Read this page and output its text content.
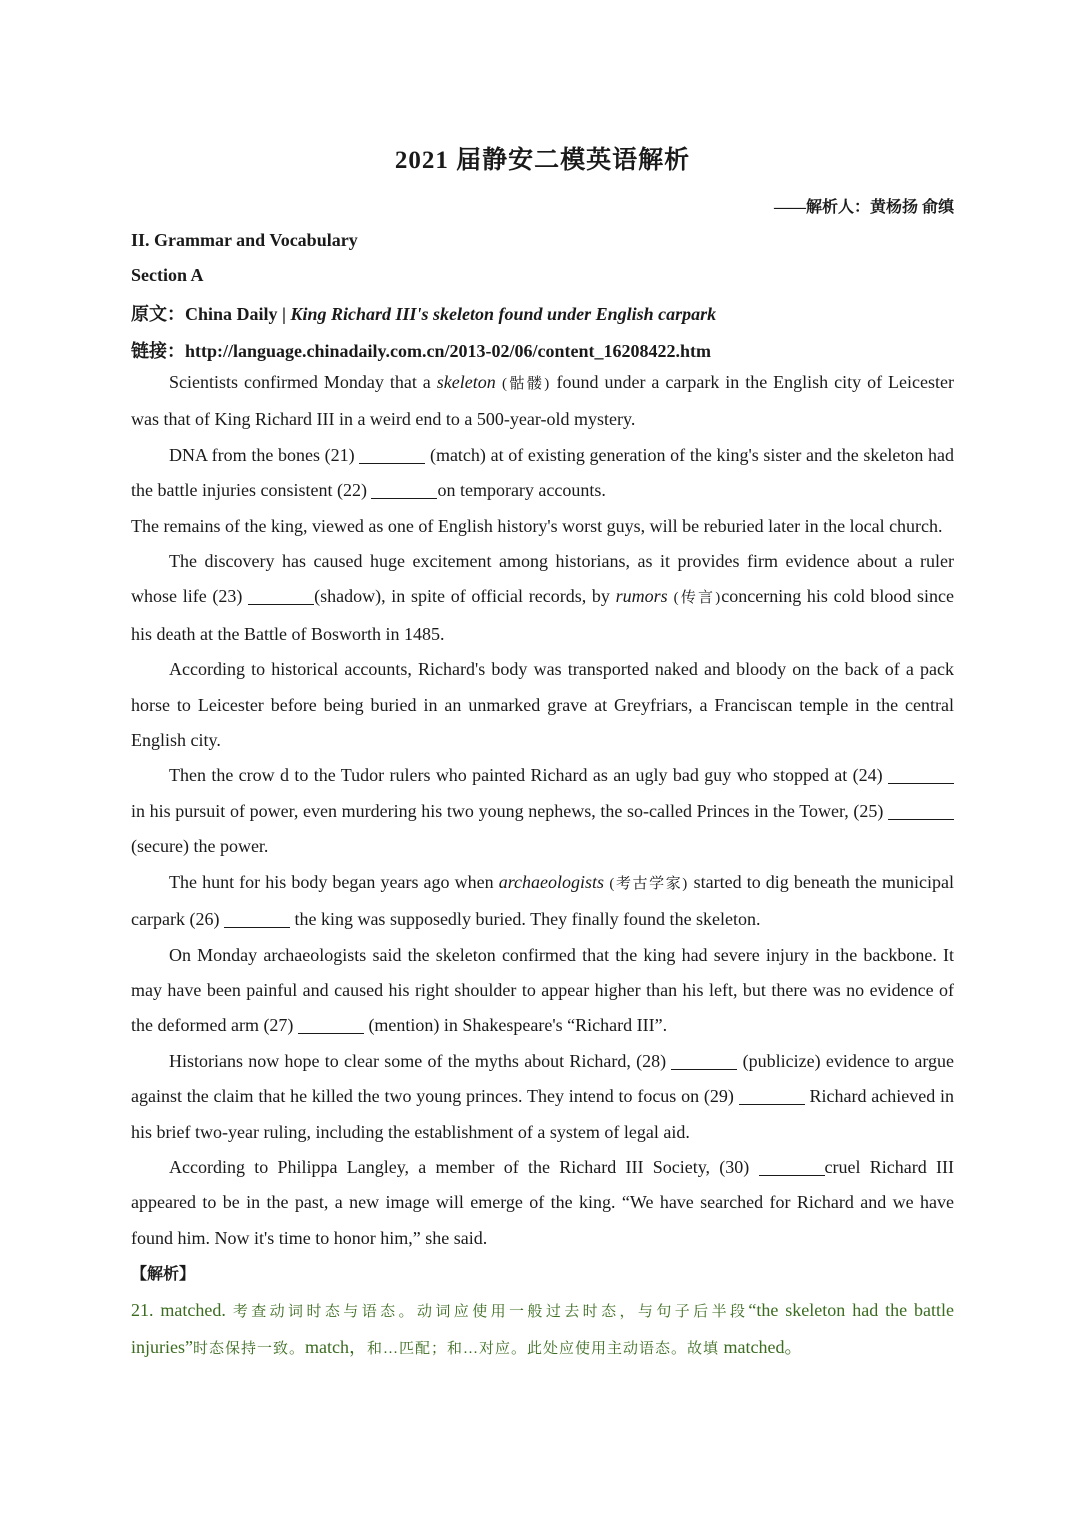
2021 届静安二模英语解析
——解析人：黄杨扬 俞缜
II. Grammar and Vocabulary
Section A
原文：China Daily | King Richard III's skeleton found under English carpark
链接：http://language.chinadaily.com.cn/2013-02/06/content_16208422.htm

Scientists confirmed Monday that a skeleton (骷髅) found under a carpark in the English city of Leicester was that of King Richard III in a weird end to a 500-year-old mystery.

DNA from the bones (21)	(match) at of existing generation of the king's sister and the skeleton had the battle injuries consistent (22)	on temporary accounts.

The remains of the king, viewed as one of English history's worst guys, will be reburied later in the local church.

The discovery has caused huge excitement among historians, as it provides firm evidence about a ruler whose life (23)	(shadow), in spite of official records, by rumors (传言)concerning his cold blood since his death at the Battle of Bosworth in 1485.

According to historical accounts, Richard's body was transported naked and bloody on the back of a pack horse to Leicester before being buried in an unmarked grave at Greyfriars, a Franciscan temple in the central English city.

Then the crow d to the Tudor rulers who painted Richard as an ugly bad guy who stopped at (24)  in his pursuit of power, even murdering his two young nephews, the so-called Princes in the Tower, (25) (secure) the power.

The hunt for his body began years ago when archaeologists (考古学家) started to dig beneath the municipal carpark (26)	the king was supposedly buried. They finally found the skeleton.

On Monday archaeologists said the skeleton confirmed that the king had severe injury in the backbone. It may have been painful and caused his right shoulder to appear higher than his left, but there was no evidence of the deformed arm (27)	(mention) in Shakespeare's “Richard III”.

Historians now hope to clear some of the myths about Richard, (28)	(publicize) evidence to argue against the claim that he killed the two young princes. They intend to focus on (29)	Richard achieved in his brief two-year ruling, including the establishment of a system of legal aid.

According to Philippa Langley, a member of the Richard III Society, (30)	cruel Richard III appeared to be in the past, a new image will emerge of the king. “We have searched for Richard and we have found him. Now it's time to honor him,” she said.

【解析】

21. matched. 考查动词时态与语态。动词应使用一般过去时态，与句子后半段“the skeleton had the battle injuries”时态保持一致。match，和…匹配；和…对应。此处应使用主动语态。故填 matched。
